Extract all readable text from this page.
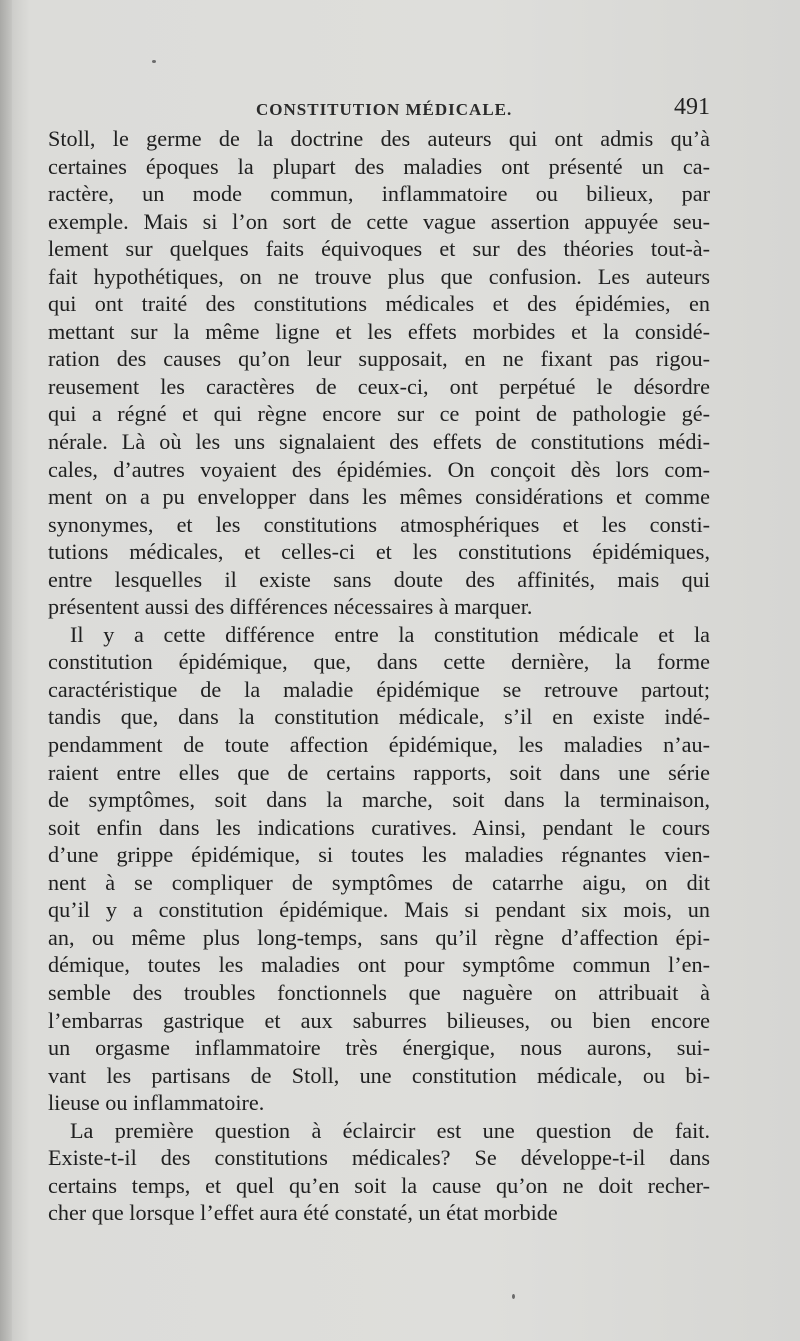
CONSTITUTION MÉDICALE.	491
Stoll, le germe de la doctrine des auteurs qui ont admis qu’à
certaines époques la plupart des maladies ont présenté un ca-
ractère, un mode commun, inflammatoire ou bilieux, par
exemple. Mais si l’on sort de cette vague assertion appuyée seu-
lement sur quelques faits équivoques et sur des théories tout-à-
fait hypothétiques, on ne trouve plus que confusion. Les auteurs
qui ont traité des constitutions médicales et des épidémies, en
mettant sur la même ligne et les effets morbides et la considé-
ration des causes qu’on leur supposait, en ne fixant pas rigou-
reusement les caractères de ceux-ci, ont perpétué le désordre
qui a régné et qui règne encore sur ce point de pathologie gé-
nérale. Là où les uns signalaient des effets de constitutions médi-
cales, d’autres voyaient des épidémies. On conçoit dès lors com-
ment on a pu envelopper dans les mêmes considérations et comme
synonymes, et les constitutions atmosphériques et les consti-
tutions médicales, et celles-ci et les constitutions épidémiques,
entre lesquelles il existe sans doute des affinités, mais qui
présentent aussi des différences nécessaires à marquer.
Il y a cette différence entre la constitution médicale et la
constitution épidémique, que, dans cette dernière, la forme
caractéristique de la maladie épidémique se retrouve partout;
tandis que, dans la constitution médicale, s’il en existe indé-
pendamment de toute affection épidémique, les maladies n’au-
raient entre elles que de certains rapports, soit dans une série
de symptômes, soit dans la marche, soit dans la terminaison,
soit enfin dans les indications curatives. Ainsi, pendant le cours
d’une grippe épidémique, si toutes les maladies régnantes vien-
nent à se compliquer de symptômes de catarrhe aigu, on dit
qu’il y a constitution épidémique. Mais si pendant six mois, un
an, ou même plus long-temps, sans qu’il règne d’affection épi-
démique, toutes les maladies ont pour symptôme commun l’en-
semble des troubles fonctionnels que naguère on attribuait à
l’embarras gastrique et aux saburres bilieuses, ou bien encore
un orgasme inflammatoire très énergique, nous aurons, sui-
vant les partisans de Stoll, une constitution médicale, ou bi-
lieuse ou inflammatoire.
La première question à éclaircir est une question de fait.
Existe-t-il des constitutions médicales? Se développe-t-il dans
certains temps, et quel qu’en soit la cause qu’on ne doit recher-
cher que lorsque l’effet aura été constaté, un état morbide
